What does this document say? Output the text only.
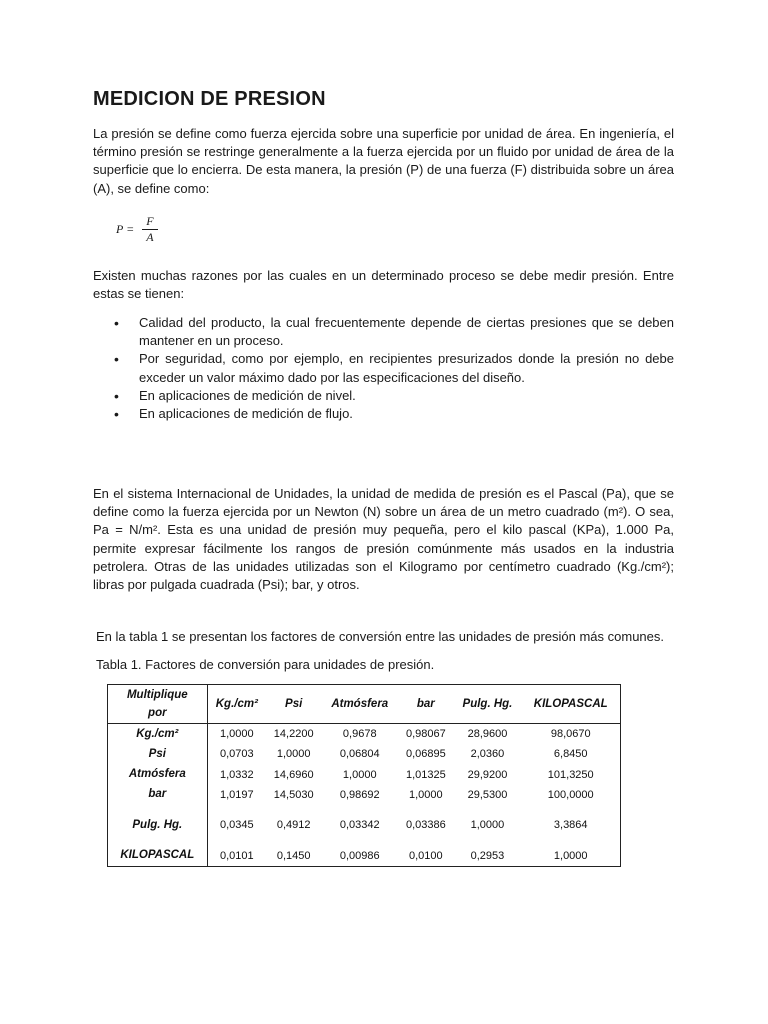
MEDICION DE PRESION

La presión se define como fuerza ejercida sobre una superficie por unidad de área. En ingeniería, el término presión se restringe generalmente a la fuerza ejercida por un fluido por unidad de área de la superficie que lo encierra. De esta manera, la presión (P) de una fuerza (F) distribuida sobre un área (A), se define como:

$P = \frac{F}{A}$

Existen muchas razones por las cuales en un determinado proceso se debe medir presión. Entre estas se tienen:

• Calidad del producto, la cual frecuentemente depende de ciertas presiones que se deben mantener en un proceso.
• Por seguridad, como por ejemplo, en recipientes presurizados donde la presión no debe exceder un valor máximo dado por las especificaciones del diseño.
• En aplicaciones de medición de nivel.
• En aplicaciones de medición de flujo.

En el sistema Internacional de Unidades, la unidad de medida de presión es el Pascal (Pa), que se define como la fuerza ejercida por un Newton (N) sobre un área de un metro cuadrado (m²). O sea, Pa = N/m². Esta es una unidad de presión muy pequeña, pero el kilo pascal (KPa), 1.000 Pa, permite expresar fácilmente los rangos de presión comúnmente más usados en la industria petrolera. Otras de las unidades utilizadas son el Kilogramo por centímetro cuadrado (Kg./cm²); libras por pulgada cuadrada (Psi); bar, y otros.

En la tabla 1 se presentan los factores de conversión entre las unidades de presión más comunes.

Tabla 1. Factores de conversión para unidades de presión.

Multiplique
por	Kg./cm²	Psi	Atmósfera	bar	Pulg. Hg.	KILOPASCAL
Kg./cm²	1,0000	14,2200	0,9678	0,98067	28,9600	98,0670
Psi	0,0703	1,0000	0,06804	0,06895	2,0360	6,8450
Atmósfera	1,0332	14,6960	1,0000	1,01325	29,9200	101,3250
bar	1,0197	14,5030	0,98692	1,0000	29,5300	100,0000
Pulg. Hg.	0,0345	0,4912	0,03342	0,03386	1,0000	3,3864
KILOPASCAL	0,0101	0,1450	0,00986	0,0100	0,2953	1,0000
